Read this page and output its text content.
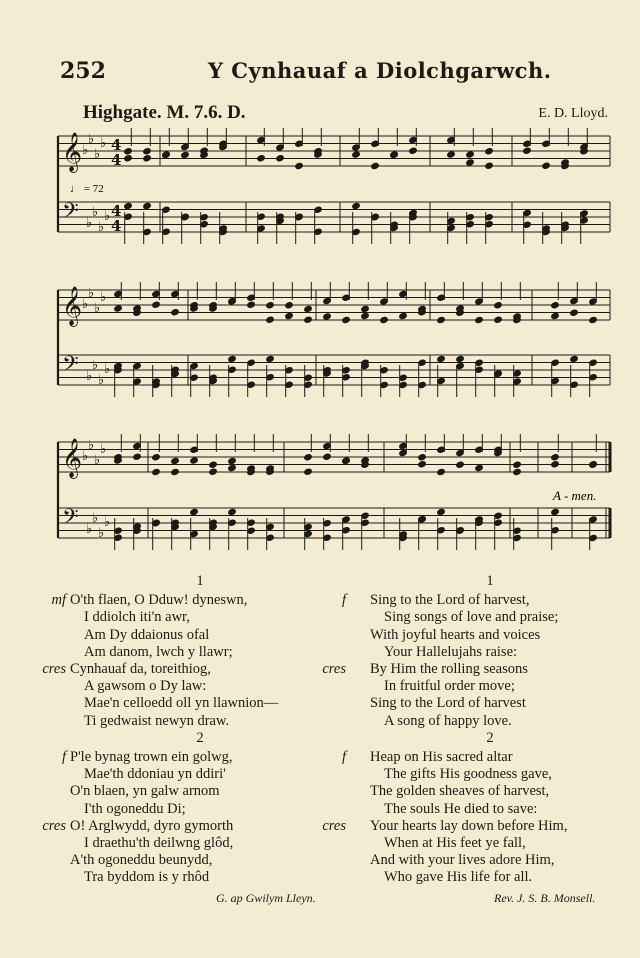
252	Y Cynhauaf a Diolchgarwch.
Highgate. M. 7.6. D.	E. D. Lloyd.
𝄞
𝄢
♭
♭
♭
♭
♭
♭
♭
♭
4
4
4
4
𝄞
𝄢
♭
♭
♭
♭
♭
♭
♭
♭
𝄞
𝄢
♭
♭
♭
♭
♭
♭
♭
♭
♩ = 72
A - men.
1
mf O'th flaen, O Dduw! dyneswn,
I ddiolch iti'n awr,
Am Dy ddaionus ofal
Am danom, lwch y llawr;
cres Cynhauaf da, toreithiog,
A gawsom o Dy law:
Mae'n celloedd oll yn llawnion—
Ti gedwaist newyn draw.
2
f P'le bynag trown ein golwg,
Mae'th ddoniau yn ddiri'
O'n blaen, yn galw arnom
I'th ogoneddu Di;
cres O! Arglwydd, dyro gymorth
I draethu'th deilwng glôd,
A'th ogoneddu beunydd,
Tra byddom is y rhôd
1
f Sing to the Lord of harvest,
Sing songs of love and praise;
With joyful hearts and voices
Your Hallelujahs raise:
cres By Him the rolling seasons
In fruitful order move;
Sing to the Lord of harvest
A song of happy love.
2
f Heap on His sacred altar
The gifts His goodness gave,
The golden sheaves of harvest,
The souls He died to save:
cres Your hearts lay down before Him,
When at His feet ye fall,
And with your lives adore Him,
Who gave His life for all.
G. ap Gwilym Lleyn.	Rev. J. S. B. Monsell.
